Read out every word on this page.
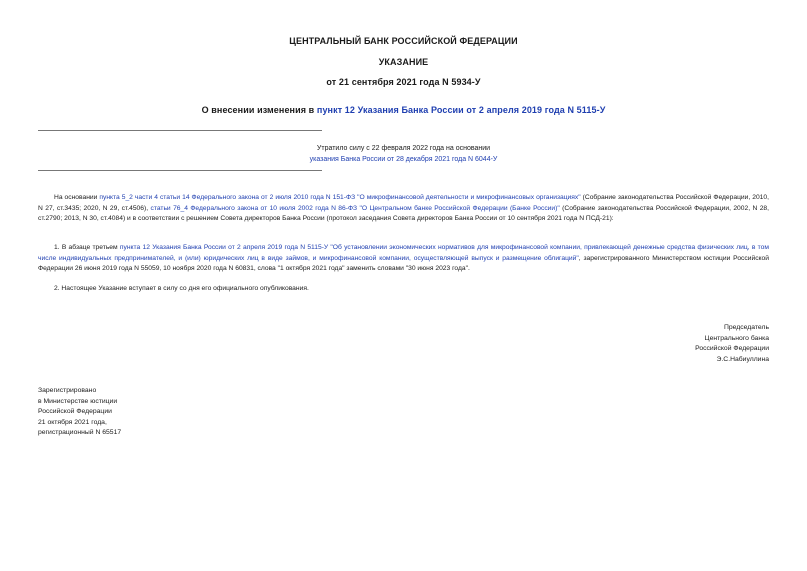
ЦЕНТРАЛЬНЫЙ БАНК РОССИЙСКОЙ ФЕДЕРАЦИИ
УКАЗАНИЕ
от 21 сентября 2021 года N 5934-У
О внесении изменения в пункт 12 Указания Банка России от 2 апреля 2019 года N 5115-У
Утратило силу с 22 февраля 2022 года на основании
указания Банка России от 28 декабря 2021 года N 6044-У
На основании пункта 5_2 части 4 статьи 14 Федерального закона от 2 июля 2010 года N 151-ФЗ "О микрофинансовой деятельности и микрофинансовых организациях" (Собрание законодательства Российской Федерации, 2010, N 27, ст.3435; 2020, N 29, ст.4506), статьи 76_4 Федерального закона от 10 июля 2002 года N 86-ФЗ "О Центральном банке Российской Федерации (Банке России)" (Собрание законодательства Российской Федерации, 2002, N 28, ст.2790; 2013, N 30, ст.4084) и в соответствии с решением Совета директоров Банка России (протокол заседания Совета директоров Банка России от 10 сентября 2021 года N ПСД-21):
1. В абзаце третьем пункта 12 Указания Банка России от 2 апреля 2019 года N 5115-У "Об установлении экономических нормативов для микрофинансовой компании, привлекающей денежные средства физических лиц, в том числе индивидуальных предпринимателей, и (или) юридических лиц в виде займов, и микрофинансовой компании, осуществляющей выпуск и размещение облигаций", зарегистрированного Министерством юстиции Российской Федерации 26 июня 2019 года N 55059, 10 ноября 2020 года N 60831, слова "1 октября 2021 года" заменить словами "30 июня 2023 года".
2. Настоящее Указание вступает в силу со дня его официального опубликования.
Председатель
Центрального банка
Российской Федерации
Э.С.Набиуллина
Зарегистрировано
в Министерстве юстиции
Российской Федерации
21 октября 2021 года,
регистрационный N 65517
